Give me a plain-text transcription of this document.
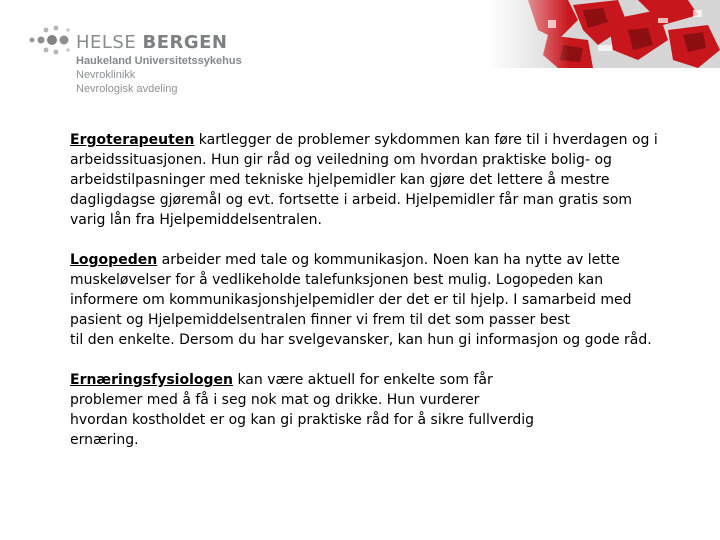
HELSE BERGEN
Haukeland Universitetssykehus
Nevroklinikk
Nevrologisk avdeling
Ergoterapeuten kartlegger de problemer sykdommen kan føre til i hverdagen og i
arbeidssituasjonen. Hun gir råd og veiledning om hvordan praktiske bolig- og
arbeidstilpasninger med tekniske hjelpemidler kan gjøre det lettere å mestre
dagligdagse gjøremål og evt. fortsette i arbeid. Hjelpemidler får man gratis som
varig lån fra Hjelpemiddelsentralen.
Logopeden arbeider med tale og kommunikasjon. Noen kan ha nytte av lette
muskeløvelser for å vedlikeholde talefunksjonen best mulig. Logopeden kan
informere om kommunikasjonshjelpemidler der det er til hjelp. I samarbeid med
pasient og Hjelpemiddelsentralen finner vi frem til det som passer best
til den enkelte. Dersom du har svelgevansker, kan hun gi informasjon og gode råd.
Ernæringsfysiologen kan være aktuell for enkelte som får
problemer med å få i seg nok mat og drikke. Hun vurderer
hvordan kostholdet er og kan gi praktiske råd for å sikre fullverdig
ernæring.
